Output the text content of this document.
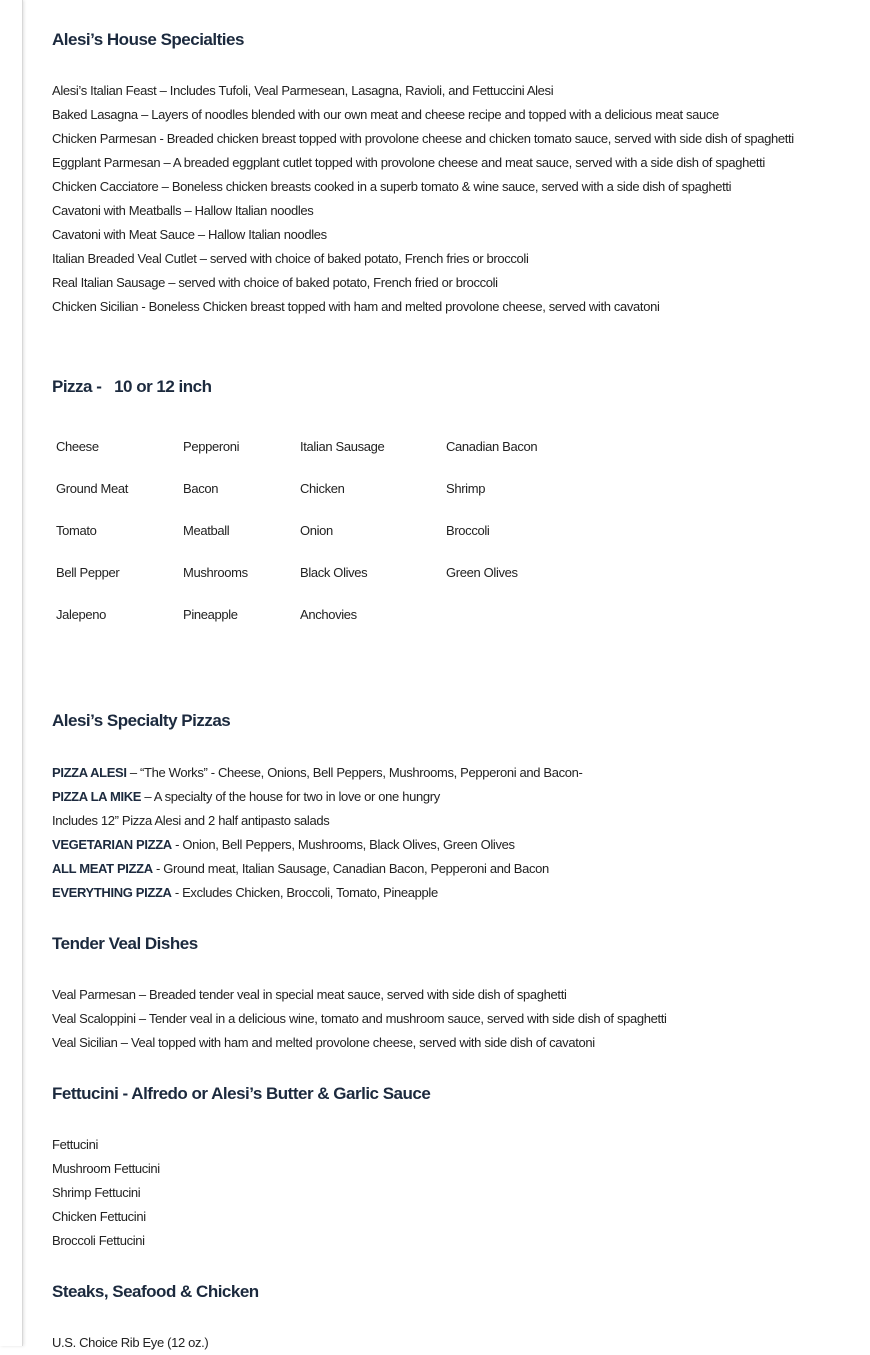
Alesi’s House Specialties
Alesi’s Italian Feast – Includes Tufoli, Veal Parmesean, Lasagna, Ravioli, and Fettuccini Alesi
Baked Lasagna – Layers of noodles blended with our own meat and cheese recipe and topped with a delicious meat sauce
Chicken Parmesan - Breaded chicken breast topped with provolone cheese and chicken tomato sauce, served with side dish of spaghetti
Eggplant Parmesan – A breaded eggplant cutlet topped with provolone cheese and meat sauce, served with a side dish of spaghetti
Chicken Cacciatore – Boneless chicken breasts cooked in a superb tomato & wine sauce, served with a side dish of spaghetti
Cavatoni with Meatballs – Hallow Italian noodles
Cavatoni with Meat Sauce – Hallow Italian noodles
Italian Breaded Veal Cutlet – served with choice of baked potato, French fries or broccoli
Real Italian Sausage – served with choice of baked potato, French fried or broccoli
Chicken Sicilian - Boneless Chicken breast topped with ham and melted provolone cheese, served with cavatoni
Pizza -   10 or 12 inch
Cheese	Pepperoni	Italian Sausage	Canadian Bacon
Ground Meat	Bacon	Chicken	Shrimp
Tomato	Meatball	Onion	Broccoli
Bell Pepper	Mushrooms	Black Olives	Green Olives
Jalepeno	Pineapple	Anchovies
Alesi’s Specialty Pizzas
PIZZA ALESI – “The Works” - Cheese, Onions, Bell Peppers, Mushrooms, Pepperoni and Bacon-
PIZZA LA MIKE – A specialty of the house for two in love or one hungry
Includes 12” Pizza Alesi and 2 half antipasto salads
VEGETARIAN PIZZA - Onion, Bell Peppers, Mushrooms, Black Olives, Green Olives
ALL MEAT PIZZA - Ground meat, Italian Sausage, Canadian Bacon, Pepperoni and Bacon
EVERYTHING PIZZA - Excludes Chicken, Broccoli, Tomato, Pineapple
Tender Veal Dishes
Veal Parmesan – Breaded tender veal in special meat sauce, served with side dish of spaghetti
Veal Scaloppini – Tender veal in a delicious wine, tomato and mushroom sauce, served with side dish of spaghetti
Veal Sicilian – Veal topped with ham and melted provolone cheese, served with side dish of cavatoni
Fettucini - Alfredo or Alesi’s Butter & Garlic Sauce
Fettucini
Mushroom Fettucini
Shrimp Fettucini
Chicken Fettucini
Broccoli Fettucini
Steaks, Seafood & Chicken
U.S. Choice Rib Eye (12 oz.)
